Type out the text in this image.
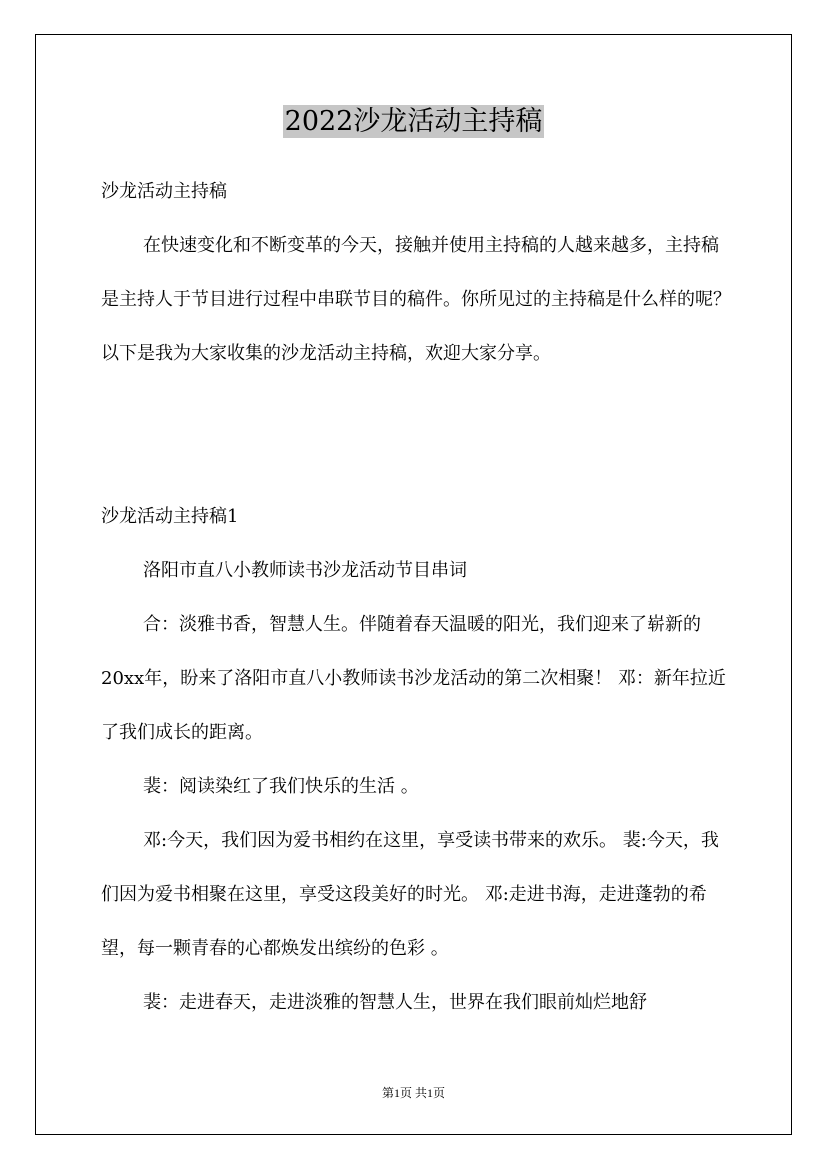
2022沙龙活动主持稿

沙龙活动主持稿

在快速变化和不断变革的今天，接触并使用主持稿的人越来越多，主持稿是主持人于节目进行过程中串联节目的稿件。你所见过的主持稿是什么样的呢？以下是我为大家收集的沙龙活动主持稿，欢迎大家分享。

沙龙活动主持稿1

洛阳市直八小教师读书沙龙活动节目串词

合：淡雅书香，智慧人生。伴随着春天温暖的阳光，我们迎来了崭新的20xx年，盼来了洛阳市直八小教师读书沙龙活动的第二次相聚！ 邓：新年拉近了我们成长的距离。

裴：阅读染红了我们快乐的生活 。

邓:今天，我们因为爱书相约在这里，享受读书带来的欢乐。 裴:今天，我们因为爱书相聚在这里，享受这段美好的时光。 邓:走进书海，走进蓬勃的希望，每一颗青春的心都焕发出缤纷的色彩 。

裴：走进春天，走进淡雅的智慧人生，世界在我们眼前灿烂地舒

第1页 共1页
